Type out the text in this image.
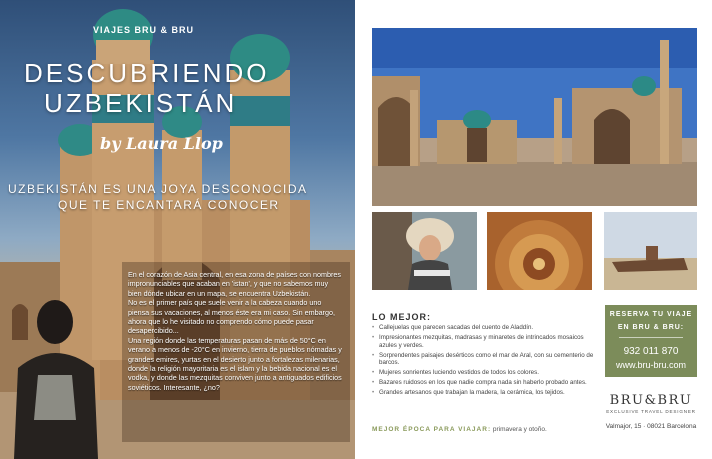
VIAJES BRU & BRU
DESCUBRIENDO
UZBEKISTÁN
by Laura Llop
UZBEKISTÁN ES UNA JOYA DESCONOCIDA
QUE TE ENCANTARÁ CONOCER

En el corazón de Asia central, en esa zona de países con nombres impronunciables que acaban en 'istan', y que no sabemos muy bien dónde ubicar en un mapa, se encuentra Uzbekistán.

No es el primer país que suele venir a la cabeza cuando uno piensa sus vacaciones, al menos éste era mi caso. Sin embargo, ahora que lo he visitado no comprendo cómo puede pasar desapercibido...

Una región donde las temperaturas pasan de más de 50°C en verano a menos de -20°C en invierno, tierra de pueblos nómadas y grandes emires, yurtas en el desierto junto a fortalezas milenarias, donde la religión mayoritaria es el islam y la bebida nacional es el vodka, y donde las mezquitas conviven junto a antiguados edificios soviéticos. Interesante, ¿no?

LO MEJOR:
• Callejuelas que parecen sacadas del cuento de Aladdín.
• Impresionantes mezquitas, madrasas y minaretes de intrincados mosaicos azules y verdes.
• Sorprendentes paisajes desérticos como el mar de Aral, con su cementerio de barcos.
• Mujeres sonrientes luciendo vestidos de todos los colores.
• Bazares ruidosos en los que nadie compra nada sin haberlo probado antes.
• Grandes artesanos que trabajan la madera, la cerámica, los tejidos.
MEJOR ÉPOCA PARA VIAJAR: primavera y otoño.
RESERVA TU VIAJE
EN BRU & BRU:
932 011 870
www.bru-bru.com
BRU&BRU
EXCLUSIVE TRAVEL DESIGNER
Valmajor, 15 · 08021 Barcelona
